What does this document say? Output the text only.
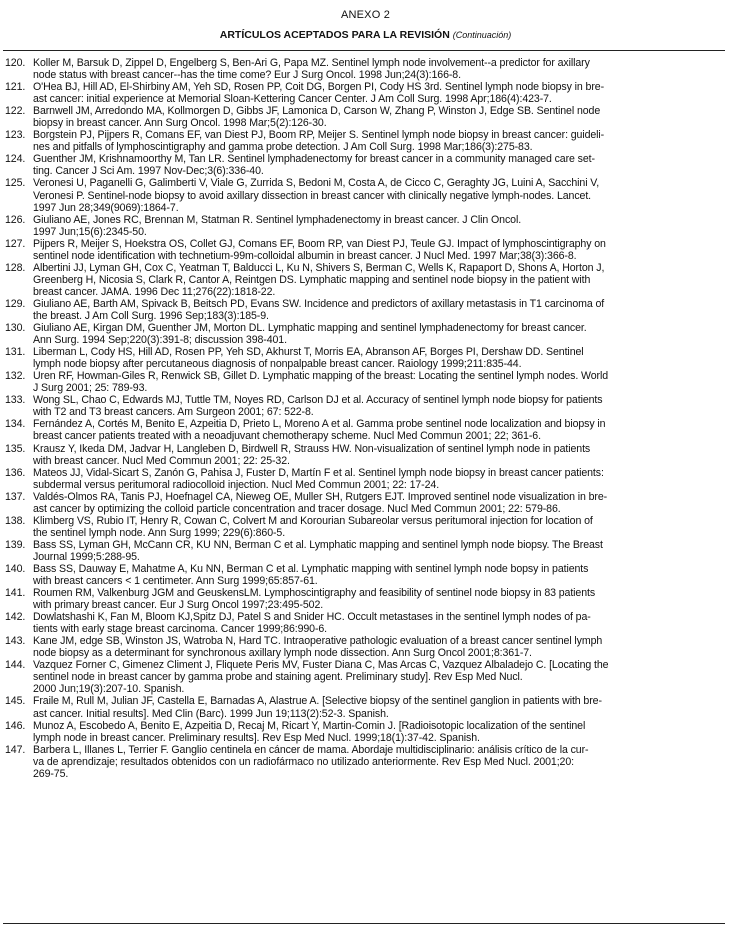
ANEXO 2
ARTÍCULOS ACEPTADOS PARA LA REVISIÓN (Continuación)
120. Koller M, Barsuk D, Zippel D, Engelberg S, Ben-Ari G, Papa MZ. Sentinel lymph node involvement--a predictor for axillary
node status with breast cancer--has the time come? Eur J Surg Oncol. 1998 Jun;24(3):166-8.
121. O'Hea BJ, Hill AD, El-Shirbiny AM, Yeh SD, Rosen PP, Coit DG, Borgen PI, Cody HS 3rd. Sentinel lymph node biopsy in bre-
ast cancer: initial experience at Memorial Sloan-Kettering Cancer Center. J Am Coll Surg. 1998 Apr;186(4):423-7.
122. Barnwell JM, Arredondo MA, Kollmorgen D, Gibbs JF, Lamonica D, Carson W, Zhang P, Winston J, Edge SB. Sentinel node
biopsy in breast cancer. Ann Surg Oncol. 1998 Mar;5(2):126-30.
123. Borgstein PJ, Pijpers R, Comans EF, van Diest PJ, Boom RP, Meijer S. Sentinel lymph node biopsy in breast cancer: guideli-
nes and pitfalls of lymphoscintigraphy and gamma probe detection. J Am Coll Surg. 1998 Mar;186(3):275-83.
124. Guenther JM, Krishnamoorthy M, Tan LR. Sentinel lymphadenectomy for breast cancer in a community managed care set-
ting. Cancer J Sci Am. 1997 Nov-Dec;3(6):336-40.
125. Veronesi U, Paganelli G, Galimberti V, Viale G, Zurrida S, Bedoni M, Costa A, de Cicco C, Geraghty JG, Luini A, Sacchini V,
Veronesi P. Sentinel-node biopsy to avoid axillary dissection in breast cancer with clinically negative lymph-nodes. Lancet.
1997 Jun 28;349(9069):1864-7.
126. Giuliano AE, Jones RC, Brennan M, Statman R. Sentinel lymphadenectomy in breast cancer. J Clin Oncol.
1997 Jun;15(6):2345-50.
127. Pijpers R, Meijer S, Hoekstra OS, Collet GJ, Comans EF, Boom RP, van Diest PJ, Teule GJ. Impact of lymphoscintigraphy on
sentinel node identification with technetium-99m-colloidal albumin in breast cancer. J Nucl Med. 1997 Mar;38(3):366-8.
128. Albertini JJ, Lyman GH, Cox C, Yeatman T, Balducci L, Ku N, Shivers S, Berman C, Wells K, Rapaport D, Shons A, Horton J,
Greenberg H, Nicosia S, Clark R, Cantor A, Reintgen DS. Lymphatic mapping and sentinel node biopsy in the patient with
breast cancer. JAMA. 1996 Dec 11;276(22):1818-22.
129. Giuliano AE, Barth AM, Spivack B, Beitsch PD, Evans SW. Incidence and predictors of axillary metastasis in T1 carcinoma of
the breast. J Am Coll Surg. 1996 Sep;183(3):185-9.
130. Giuliano AE, Kirgan DM, Guenther JM, Morton DL. Lymphatic mapping and sentinel lymphadenectomy for breast cancer.
Ann Surg. 1994 Sep;220(3):391-8; discussion 398-401.
131. Liberman L, Cody HS, Hill AD, Rosen PP, Yeh SD, Akhurst T, Morris EA, Abranson AF, Borges PI, Dershaw DD. Sentinel
lymph node biopsy after percutaneous diagnosis of nonpalpable breast cancer. Raiology 1999;211:835-44.
132. Uren RF, Howman-Giles R, Renwick SB, Gillet D. Lymphatic mapping of the breast: Locating the sentinel lymph nodes. World
J Surg 2001; 25: 789-93.
133. Wong SL, Chao C, Edwards MJ, Tuttle TM, Noyes RD, Carlson DJ et al. Accuracy of sentinel lymph node biopsy for patients
with T2 and T3 breast cancers. Am Surgeon 2001; 67: 522-8.
134. Fernández A, Cortés M, Benito E, Azpeitia D, Prieto L, Moreno A et al. Gamma probe sentinel node localization and biopsy in
breast cancer patients treated with a neoadjuvant chemotherapy scheme. Nucl Med Commun 2001; 22; 361-6.
135. Krausz Y, Ikeda DM, Jadvar H, Langleben D, Birdwell R, Strauss HW. Non-visualization of sentinel lymph node in patients
with breast cancer. Nucl Med Commun 2001; 22: 25-32.
136. Mateos JJ, Vidal-Sicart S, Zanón G, Pahisa J, Fuster D, Martín F et al. Sentinel lymph node biopsy in breast cancer patients:
subdermal versus peritumoral radiocolloid injection. Nucl Med Commun 2001; 22: 17-24.
137. Valdés-Olmos RA, Tanis PJ, Hoefnagel CA, Nieweg OE, Muller SH, Rutgers EJT. Improved sentinel node visualization in bre-
ast cancer by optimizing the colloid particle concentration and tracer dosage. Nucl Med Commun 2001; 22: 579-86.
138. Klimberg VS, Rubio IT, Henry R, Cowan C, Colvert M and Korourian Subareolar versus peritumoral injection for location of
the sentinel lymph node. Ann Surg 1999; 229(6):860-5.
139. Bass SS, Lyman GH, McCann CR, KU NN, Berman C et al. Lymphatic mapping and sentinel lymph node biopsy. The Breast
Journal 1999;5:288-95.
140. Bass SS, Dauway E, Mahatme A, Ku NN, Berman C et al. Lymphatic mapping with sentinel lymph node bopsy in patients
with breast cancers < 1 centimeter. Ann Surg 1999;65:857-61.
141. Roumen RM, Valkenburg JGM and GeuskensLM. Lymphoscintigraphy and feasibility of sentinel node biopsy in 83 patients
with primary breast cancer. Eur J Surg Oncol 1997;23:495-502.
142. Dowlatshashi K, Fan M, Bloom KJ,Spitz DJ, Patel S and Snider HC. Occult metastases in the sentinel lymph nodes of pa-
tients with early stage breast carcinoma. Cancer 1999;86:990-6.
143. Kane JM, edge SB, Winston JS, Watroba N, Hard TC. Intraoperative pathologic evaluation of a breast cancer sentinel lymph
node biopsy as a determinant for synchronous axillary lymph node dissection. Ann Surg Oncol 2001;8:361-7.
144. Vazquez Forner C, Gimenez Climent J, Fliquete Peris MV, Fuster Diana C, Mas Arcas C, Vazquez Albaladejo C. [Locating the
sentinel node in breast cancer by gamma probe and staining agent. Preliminary study]. Rev Esp Med Nucl.
2000 Jun;19(3):207-10. Spanish.
145. Fraile M, Rull M, Julian JF, Castella E, Barnadas A, Alastrue A. [Selective biopsy of the sentinel ganglion in patients with bre-
ast cancer. Initial results]. Med Clin (Barc). 1999 Jun 19;113(2):52-3. Spanish.
146. Munoz A, Escobedo A, Benito E, Azpeitia D, Recaj M, Ricart Y, Martin-Comin J. [Radioisotopic localization of the sentinel
lymph node in breast cancer. Preliminary results]. Rev Esp Med Nucl. 1999;18(1):37-42. Spanish.
147. Barbera L, Illanes L, Terrier F. Ganglio centinela en cáncer de mama. Abordaje multidisciplinario: análisis crítico de la cur-
va de aprendizaje; resultados obtenidos con un radiofármaco no utilizado anteriormente. Rev Esp Med Nucl. 2001;20:
269-75.
